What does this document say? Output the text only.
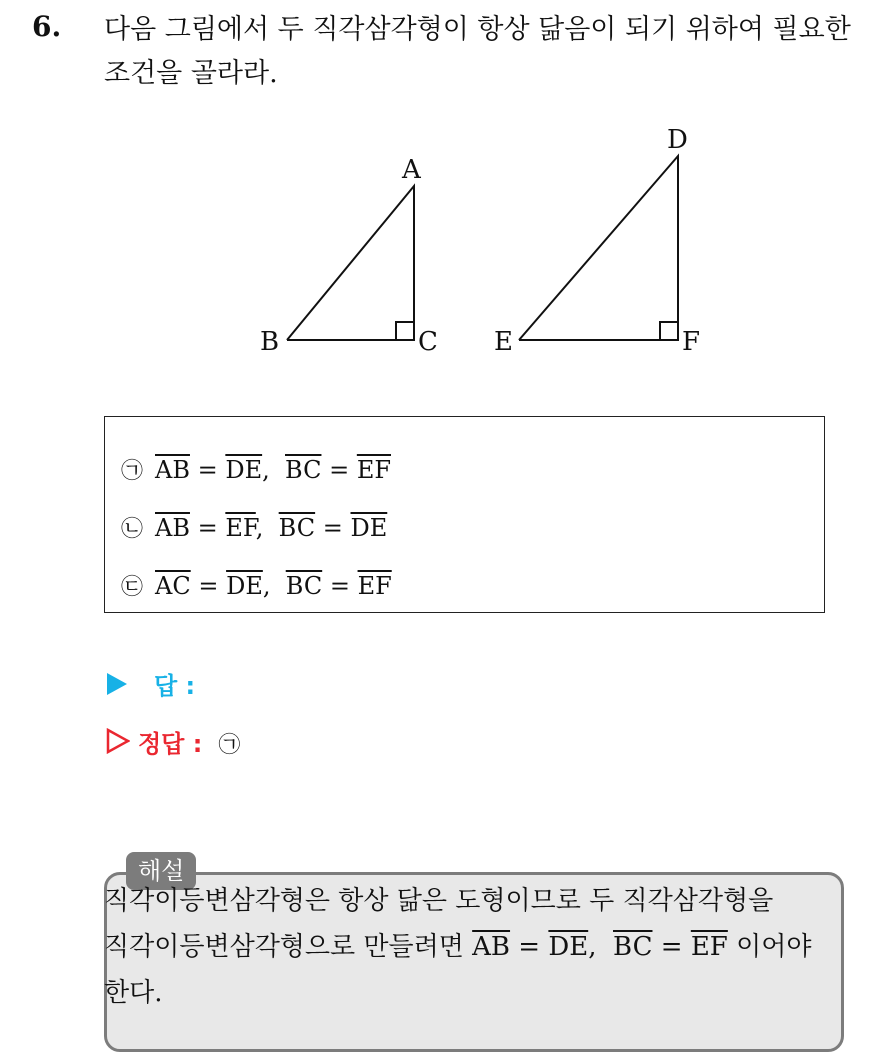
6. 다음 그림에서 두 직각삼각형이 항상 닮음이 되기 위하여 필요한 조건을 골라라.
A
B	C
D
E	F
㉠ $\overline{AB} = \overline{DE}$,  $\overline{BC} = \overline{EF}$
㉡ $\overline{AB} = \overline{EF}$,  $\overline{BC} = \overline{DE}$
㉢ $\overline{AC} = \overline{DE}$,  $\overline{BC} = \overline{EF}$
답 :
정답 : ㉠
해설
직각이등변삼각형은 항상 닮은 도형이므로 두 직각삼각형을
직각이등변삼각형으로 만들려면 $\overline{AB} = \overline{DE}$,  $\overline{BC} = \overline{EF}$ 이어야
한다.
